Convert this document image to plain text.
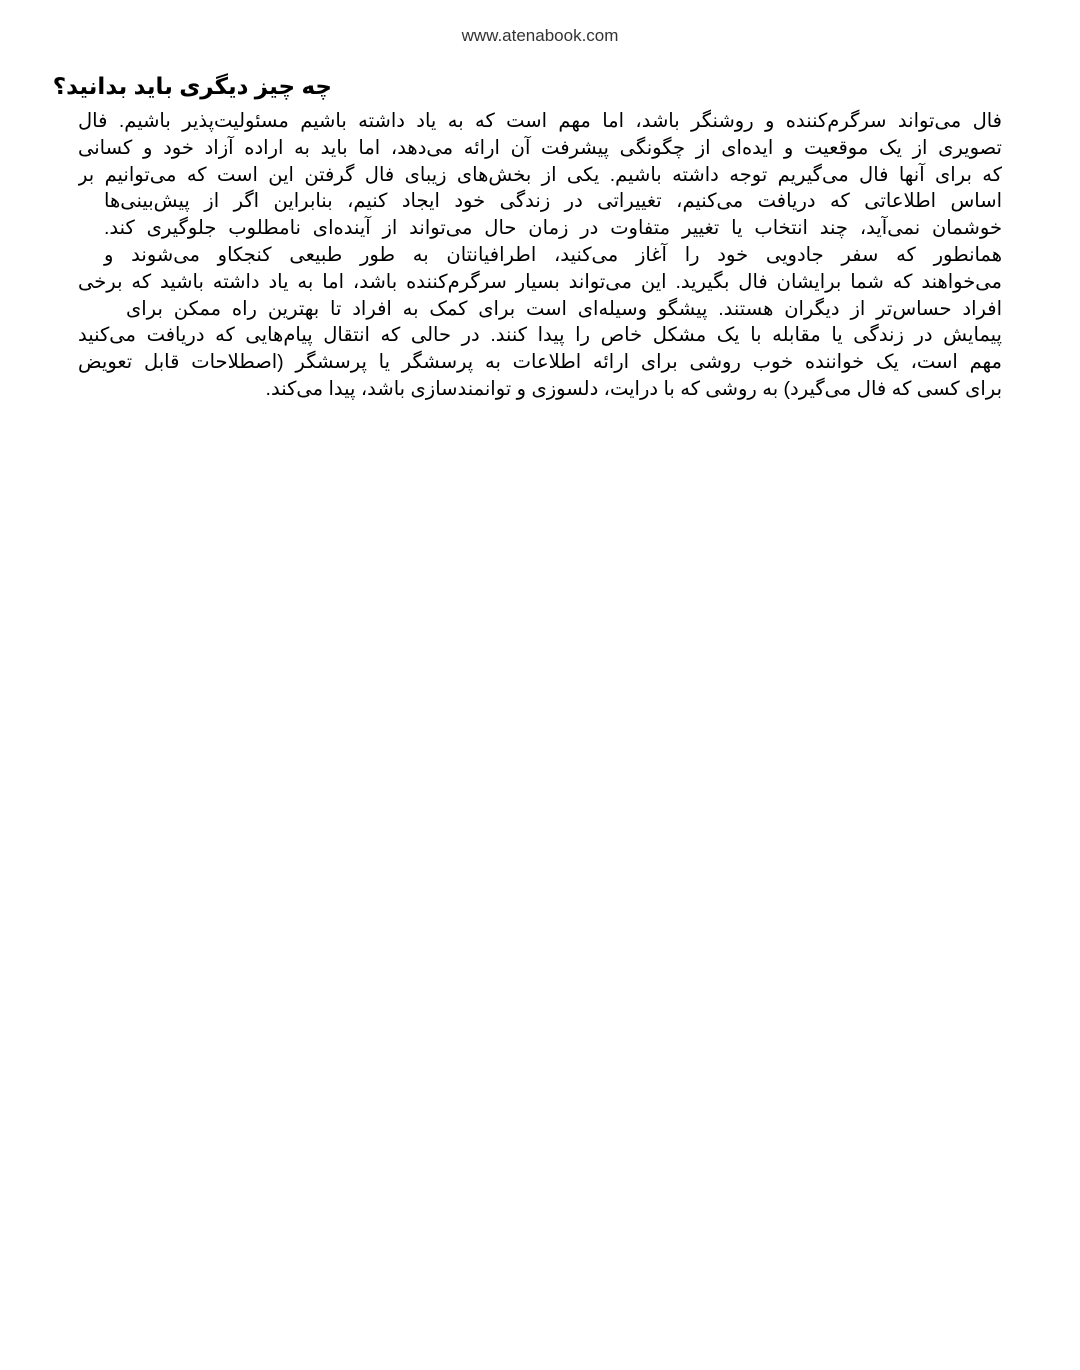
www.atenabook.com
چه چیز دیگری باید بدانید؟
فال می‌تواند سرگرم‌کننده و روشنگر باشد، اما مهم است که به یاد داشته باشیم مسئولیت‌پذیر باشیم. فال
تصویری از یک موقعیت و ایده‌ای از چگونگی پیشرفت آن ارائه می‌دهد، اما باید به اراده آزاد خود و کسانی
که برای آنها فال می‌گیریم توجه داشته باشیم. یکی از بخش‌های زیبای فال گرفتن این است که می‌توانیم بر
اساس اطلاعاتی که دریافت می‌کنیم، تغییراتی در زندگی خود ایجاد کنیم، بنابراین اگر از پیش‌بینی‌ها
خوشمان نمی‌آید، چند انتخاب یا تغییر متفاوت در زمان حال می‌تواند از آینده‌ای نامطلوب جلوگیری کند.
همانطور که سفر جادویی خود را آغاز می‌کنید، اطرافیانتان به طور طبیعی کنجکاو می‌شوند و
می‌خواهند که شما برایشان فال بگیرید. این می‌تواند بسیار سرگرم‌کننده باشد، اما به یاد داشته باشید که برخی
افراد حساس‌تر از دیگران هستند. پیشگو وسیله‌ای است برای کمک به افراد تا بهترین راه ممکن برای
پیمایش در زندگی یا مقابله با یک مشکل خاص را پیدا کنند. در حالی که انتقال پیام‌هایی که دریافت می‌کنید
مهم است، یک خواننده خوب روشی برای ارائه اطلاعات به پرسشگر یا پرسشگر (اصطلاحات قابل تعویض
برای کسی که فال می‌گیرد) به روشی که با درایت، دلسوزی و توانمندسازی باشد، پیدا می‌کند.
